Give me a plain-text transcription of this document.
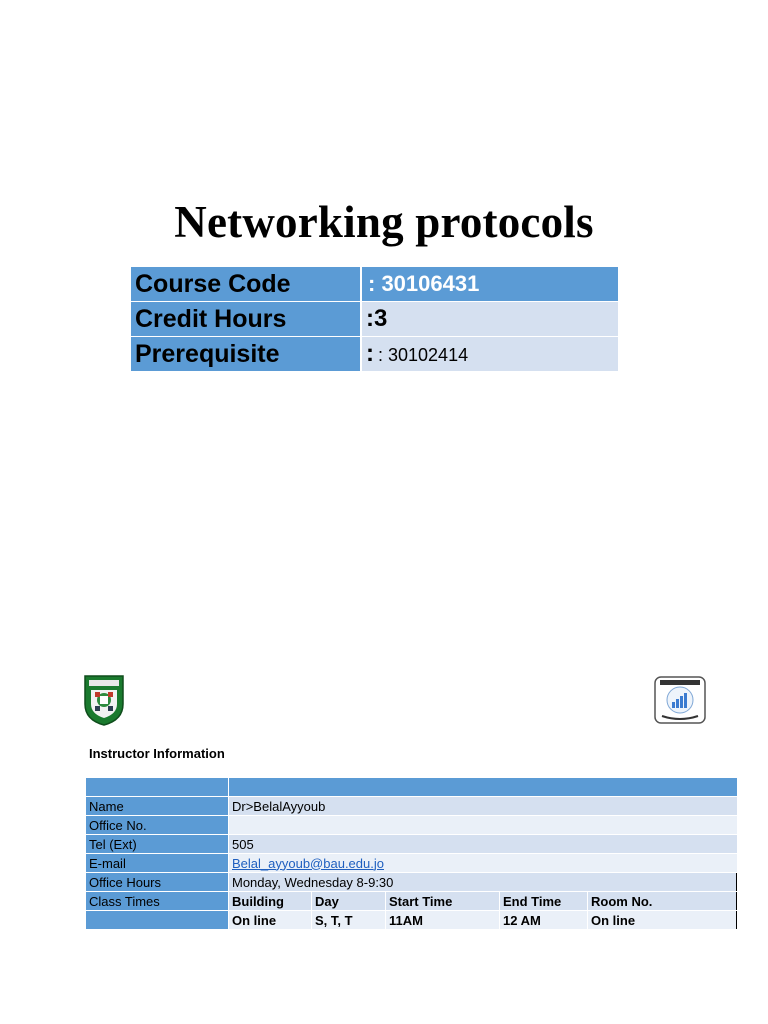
Networking protocols
Course Code	: 30106431
Credit Hours	:3
Prerequisite	: : 30102414
Instructor Information

Name	Dr>BelalAyyoub				
Office No.					
Tel (Ext)	505				
E-mail	Belal_ayyoub@bau.edu.jo				
Office Hours	Monday, Wednesday 8-9:30				
Class Times	Building	Day	Start Time	End Time	Room No.
	On line	S, T, T	11AM	12 AM	On line
